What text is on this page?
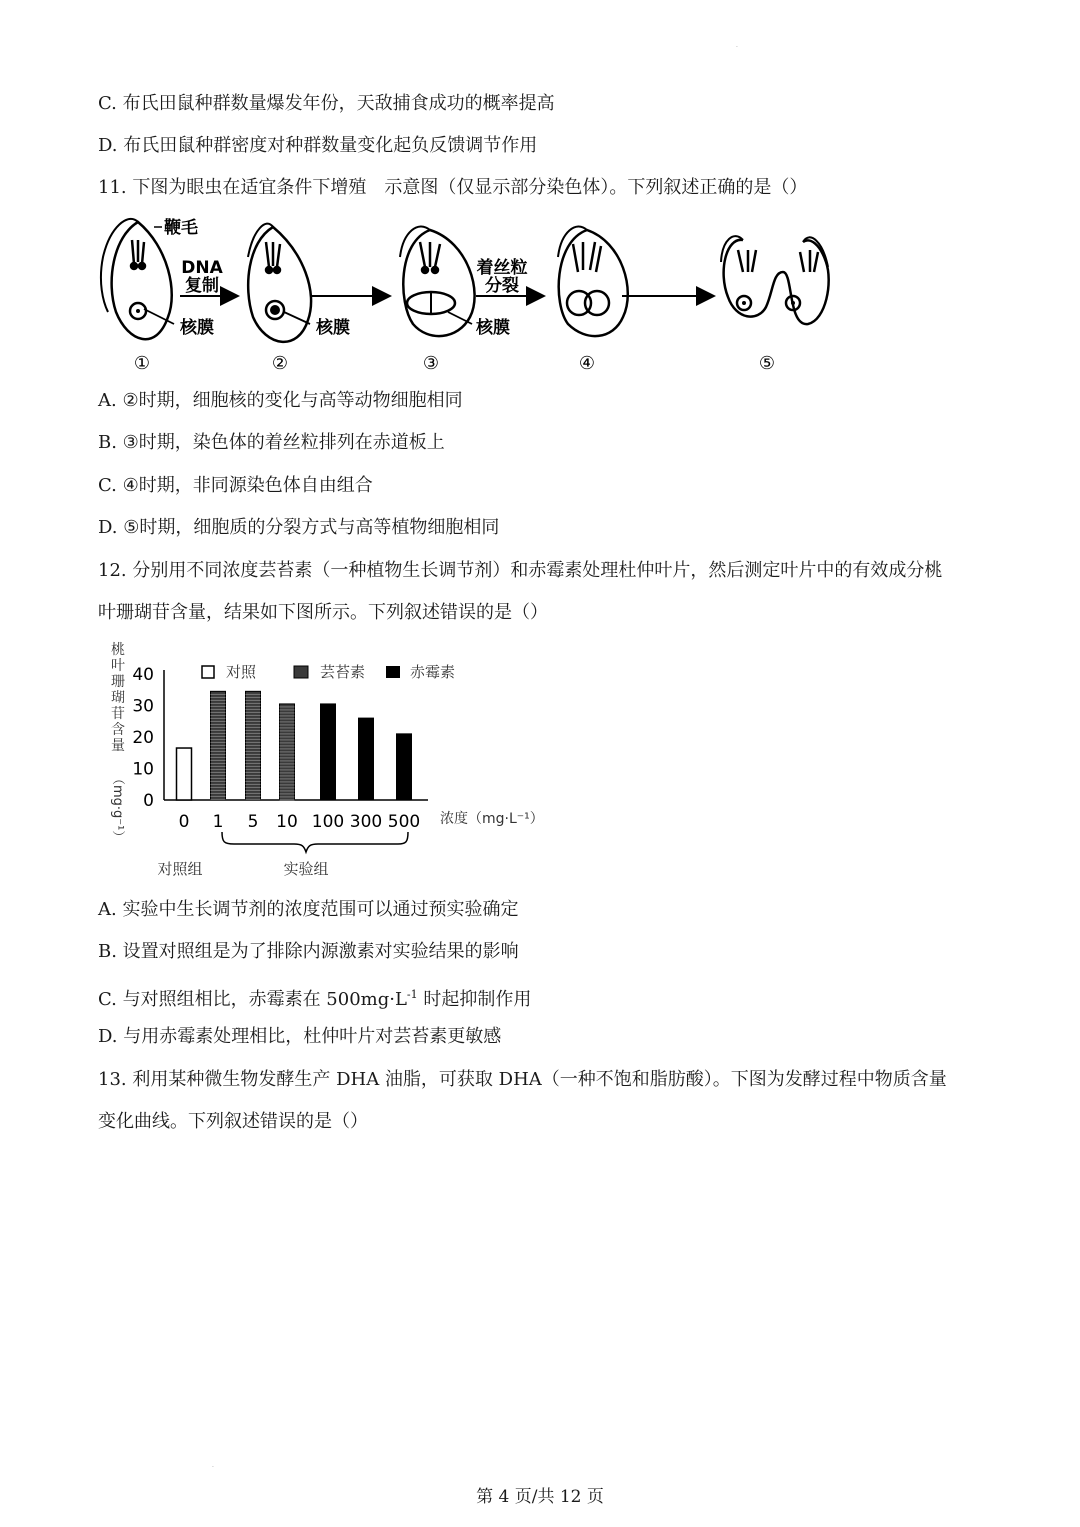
·
C. 布氏田鼠种群数量爆发年份，天敌捕食成功的概率提高
D. 布氏田鼠种群密度对种群数量变化起负反馈调节作用
11. 下图为眼虫在适宜条件下增殖　示意图（仅显示部分染色体）。下列叙述正确的是（）
鞭毛
DNA
复制
核膜	核膜
着丝粒
分裂
核膜
①	②	③	④	⑤
A. ②时期，细胞核的变化与高等动物细胞相同
B. ③时期，染色体的着丝粒排列在赤道板上
C. ④时期，非同源染色体自由组合
D. ⑤时期，细胞质的分裂方式与高等植物细胞相同
12. 分别用不同浓度芸苔素（一种植物生长调节剂）和赤霉素处理杜仲叶片，然后测定叶片中的有效成分桃
叶珊瑚苷含量，结果如下图所示。下列叙述错误的是（）
桃
叶
珊
瑚
苷
含
量
（mg·g⁻¹） 0
10
20
30
40
0 1 5 10 100 300 500 浓度（mg·L⁻¹）
对照	芸苔素	赤霉素
对照组	实验组
A. 实验中生长调节剂的浓度范围可以通过预实验确定
B. 设置对照组是为了排除内源激素对实验结果的影响
C. 与对照组相比，赤霉素在 $500mg\cdot L^{-1}$ 时起抑制作用
D. 与用赤霉素处理相比，杜仲叶片对芸苔素更敏感
13. 利用某种微生物发酵生产 DHA 油脂，可获取 DHA（一种不饱和脂肪酸）。下图为发酵过程中物质含量
变化曲线。下列叙述错误的是（）
·
第 4 页/共 12 页
